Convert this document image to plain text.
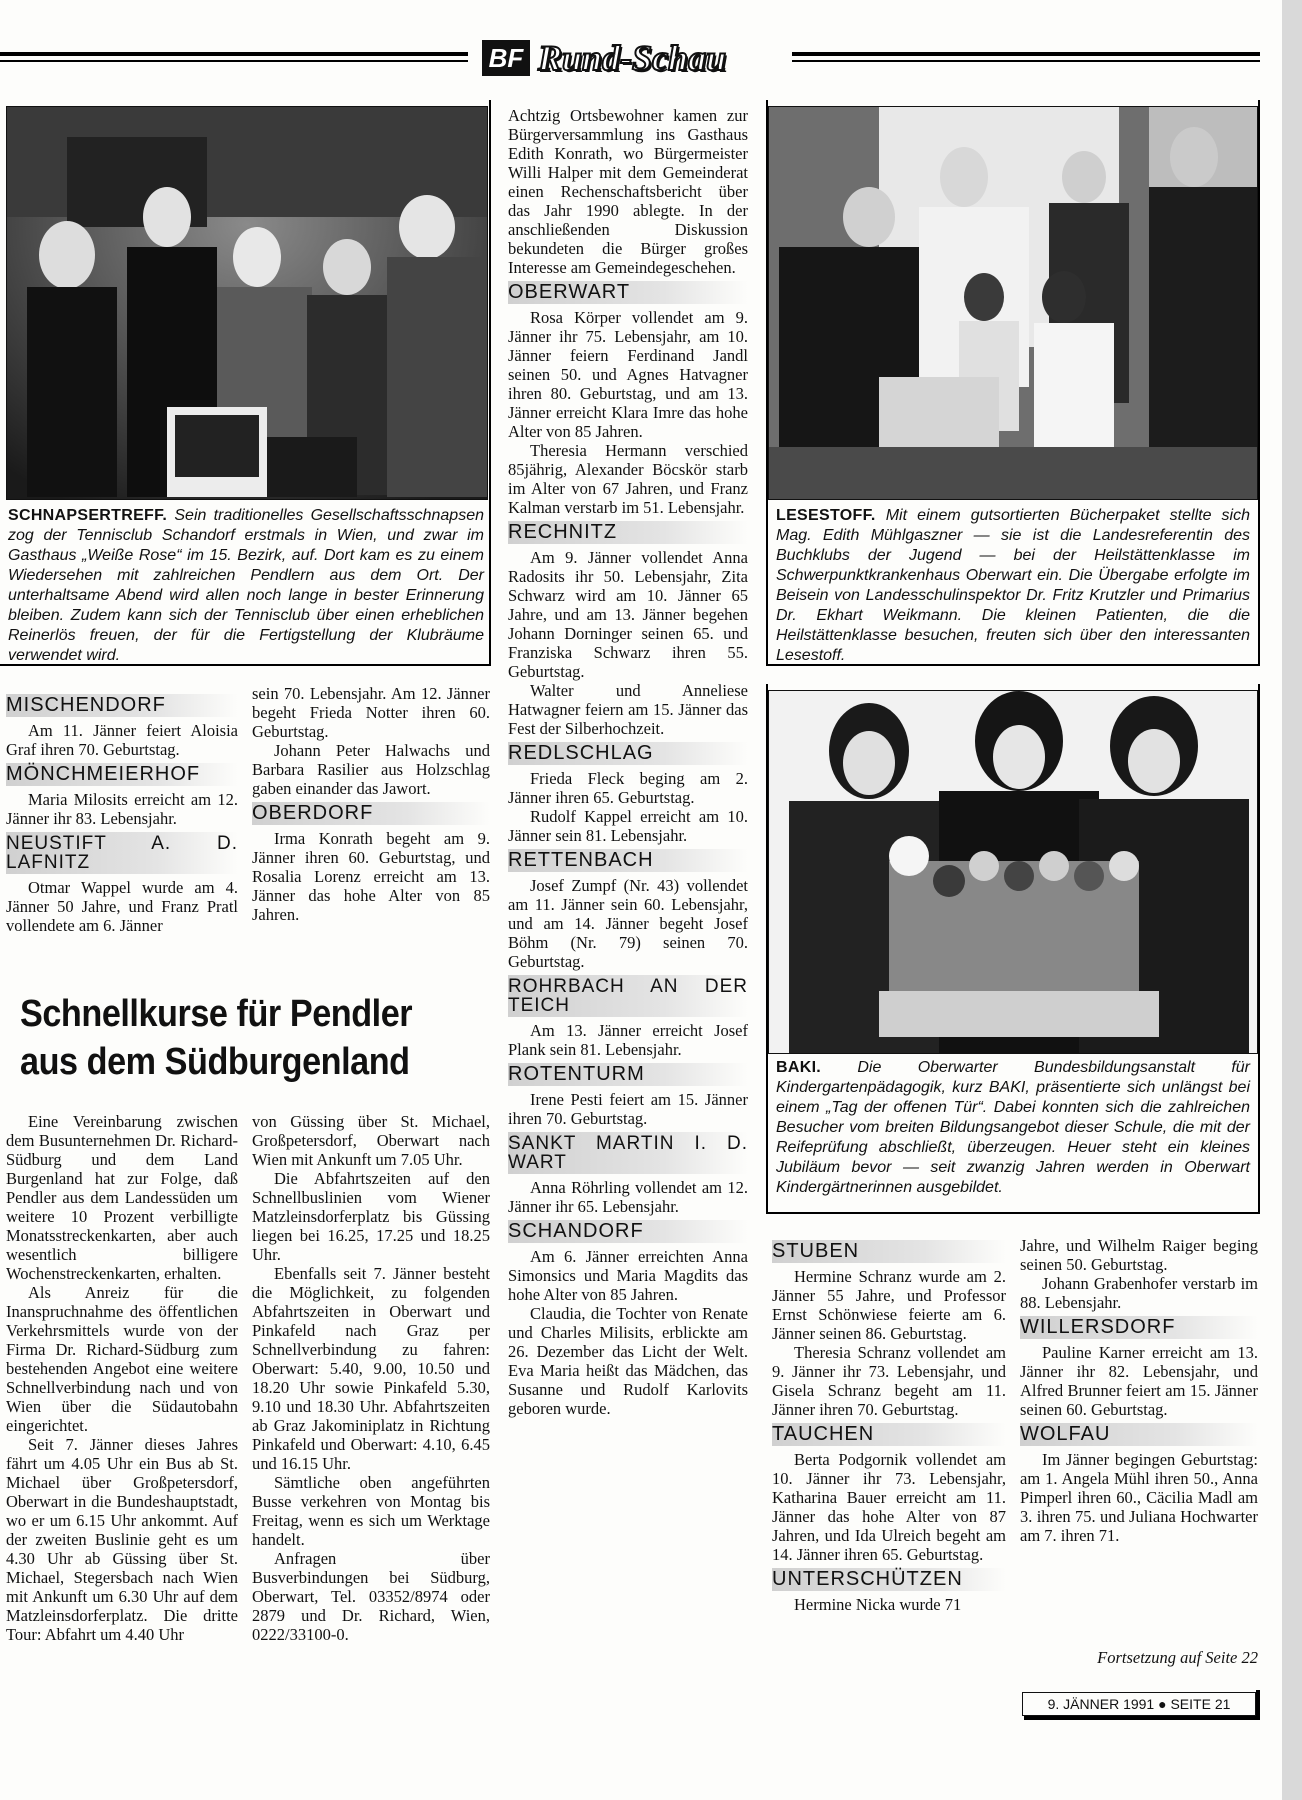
BF Rund-Schau
SCHNAPSERTREFF. Sein traditionelles Gesellschaftsschnapsen zog der Tennisclub Schandorf erstmals in Wien, und zwar im Gasthaus „Weiße Rose“ im 15. Bezirk, auf. Dort kam es zu einem Wiedersehen mit zahlreichen Pendlern aus dem Ort. Der unterhaltsame Abend wird allen noch lange in bester Erinnerung bleiben. Zudem kann sich der Tennisclub über einen erheblichen Reinerlös freuen, der für die Fertigstellung der Klubräume verwendet wird.
MISCHENDORF

Am 11. Jänner feiert Aloisia Graf ihren 70. Geburtstag.

MÖNCHMEIERHOF

Maria Milosits erreicht am 12. Jänner ihr 83. Lebensjahr.

NEUSTIFT A. D. LAFNITZ

Otmar Wappel wurde am 4. Jänner 50 Jahre, und Franz Pratl vollendete am 6. Jänner

sein 70. Lebensjahr. Am 12. Jänner begeht Frieda Notter ihren 60. Geburtstag.

Johann Peter Halwachs und Barbara Rasilier aus Holzschlag gaben einander das Jawort.

OBERDORF

Irma Konrath begeht am 9. Jänner ihren 60. Geburtstag, und Rosalia Lorenz erreicht am 13. Jänner das hohe Alter von 85 Jahren.

Schnellkurse für Pendler
aus dem Südburgenland

Eine Vereinbarung zwischen dem Busunternehmen Dr. Richard-Südburg und dem Land Burgenland hat zur Folge, daß Pendler aus dem Landessüden um weitere 10 Prozent verbilligte Monatsstreckenkarten, aber auch wesentlich billigere Wochenstreckenkarten, erhalten.

Als Anreiz für die Inanspruchnahme des öffentlichen Verkehrsmittels wurde von der Firma Dr. Richard-Südburg zum bestehenden Angebot eine weitere Schnellverbindung nach und von Wien über die Südautobahn eingerichtet.

Seit 7. Jänner dieses Jahres fährt um 4.05 Uhr ein Bus ab St. Michael über Großpetersdorf, Oberwart in die Bundeshauptstadt, wo er um 6.15 Uhr ankommt. Auf der zweiten Buslinie geht es um 4.30 Uhr ab Güssing über St. Michael, Stegersbach nach Wien mit Ankunft um 6.30 Uhr auf dem Matzleinsdorferplatz. Die dritte Tour: Abfahrt um 4.40 Uhr

von Güssing über St. Michael, Großpetersdorf, Oberwart nach Wien mit Ankunft um 7.05 Uhr.

Die Abfahrtszeiten auf den Schnellbuslinien vom Wiener Matzleinsdorferplatz bis Güssing liegen bei 16.25, 17.25 und 18.25 Uhr.

Ebenfalls seit 7. Jänner besteht die Möglichkeit, zu folgenden Abfahrtszeiten in Oberwart und Pinkafeld nach Graz per Schnellverbindung zu fahren: Oberwart: 5.40, 9.00, 10.50 und 18.20 Uhr sowie Pinkafeld 5.30, 9.10 und 18.30 Uhr. Abfahrtszeiten ab Graz Jakominiplatz in Richtung Pinkafeld und Oberwart: 4.10, 6.45 und 16.15 Uhr.

Sämtliche oben angeführten Busse verkehren von Montag bis Freitag, wenn es sich um Werktage handelt.

Anfragen über Busverbindungen bei Südburg, Oberwart, Tel. 03352/8974 oder 2879 und Dr. Richard, Wien, 0222/33100-0.

Achtzig Ortsbewohner kamen zur Bürgerversammlung ins Gasthaus Edith Konrath, wo Bürgermeister Willi Halper mit dem Gemeinderat einen Rechenschaftsbericht über das Jahr 1990 ablegte. In der anschließenden Diskussion bekundeten die Bürger großes Interesse am Gemeindegeschehen.

OBERWART

Rosa Körper vollendet am 9. Jänner ihr 75. Lebensjahr, am 10. Jänner feiern Ferdinand Jandl seinen 50. und Agnes Hatvagner ihren 80. Geburtstag, und am 13. Jänner erreicht Klara Imre das hohe Alter von 85 Jahren.

Theresia Hermann verschied 85jährig, Alexander Böcskör starb im Alter von 67 Jahren, und Franz Kalman verstarb im 51. Lebensjahr.

RECHNITZ

Am 9. Jänner vollendet Anna Radosits ihr 50. Lebensjahr, Zita Schwarz wird am 10. Jänner 65 Jahre, und am 13. Jänner begehen Johann Dorninger seinen 65. und Franziska Schwarz ihren 55. Geburtstag.

Walter und Anneliese Hatwagner feiern am 15. Jänner das Fest der Silberhochzeit.

REDLSCHLAG

Frieda Fleck beging am 2. Jänner ihren 65. Geburtstag.

Rudolf Kappel erreicht am 10. Jänner sein 81. Lebensjahr.

RETTENBACH

Josef Zumpf (Nr. 43) vollendet am 11. Jänner sein 60. Lebensjahr, und am 14. Jänner begeht Josef Böhm (Nr. 79) seinen 70. Geburtstag.

ROHRBACH AN DER TEICH

Am 13. Jänner erreicht Josef Plank sein 81. Lebensjahr.

ROTENTURM

Irene Pesti feiert am 15. Jänner ihren 70. Geburtstag.

SANKT MARTIN I. D. WART

Anna Röhrling vollendet am 12. Jänner ihr 65. Lebensjahr.

SCHANDORF

Am 6. Jänner erreichten Anna Simonsics und Maria Magdits das hohe Alter von 85 Jahren.

Claudia, die Tochter von Renate und Charles Milisits, erblickte am 26. Dezember das Licht der Welt. Eva Maria heißt das Mädchen, das Susanne und Rudolf Karlovits geboren wurde.

LESESTOFF. Mit einem gutsortierten Bücherpaket stellte sich Mag. Edith Mühlgaszner — sie ist die Landesreferentin des Buchklubs der Jugend — bei der Heilstättenklasse im Schwerpunktkrankenhaus Oberwart ein. Die Übergabe erfolgte im Beisein von Landesschulinspektor Dr. Fritz Krutzler und Primarius Dr. Ekhart Weikmann. Die kleinen Patienten, die die Heilstättenklasse besuchen, freuten sich über den interessanten Lesestoff.
BAKI. Die Oberwarter Bundesbildungsanstalt für Kindergartenpädagogik, kurz BAKI, präsentierte sich unlängst bei einem „Tag der offenen Tür“. Dabei konnten sich die zahlreichen Besucher vom breiten Bildungsangebot dieser Schule, die mit der Reifeprüfung abschließt, überzeugen. Heuer steht ein kleines Jubiläum bevor — seit zwanzig Jahren werden in Oberwart Kindergärtnerinnen ausgebildet.
STUBEN

Hermine Schranz wurde am 2. Jänner 55 Jahre, und Professor Ernst Schönwiese feierte am 6. Jänner seinen 86. Geburtstag.

Theresia Schranz vollendet am 9. Jänner ihr 73. Lebensjahr, und Gisela Schranz begeht am 11. Jänner ihren 70. Geburtstag.

TAUCHEN

Berta Podgornik vollendet am 10. Jänner ihr 73. Lebensjahr, Katharina Bauer erreicht am 11. Jänner das hohe Alter von 87 Jahren, und Ida Ulreich begeht am 14. Jänner ihren 65. Geburtstag.

UNTERSCHÜTZEN

Hermine Nicka wurde 71

Jahre, und Wilhelm Raiger beging seinen 50. Geburtstag.

Johann Grabenhofer verstarb im 88. Lebensjahr.

WILLERSDORF

Pauline Karner erreicht am 13. Jänner ihr 82. Lebensjahr, und Alfred Brunner feiert am 15. Jänner seinen 60. Geburtstag.

WOLFAU

Im Jänner begingen Geburtstag: am 1. Angela Mühl ihren 50., Anna Pimperl ihren 60., Cäcilia Madl am 3. ihren 75. und Juliana Hochwarter am 7. ihren 71.

Fortsetzung auf Seite 22
9. JÄNNER 1991 ● SEITE 21
